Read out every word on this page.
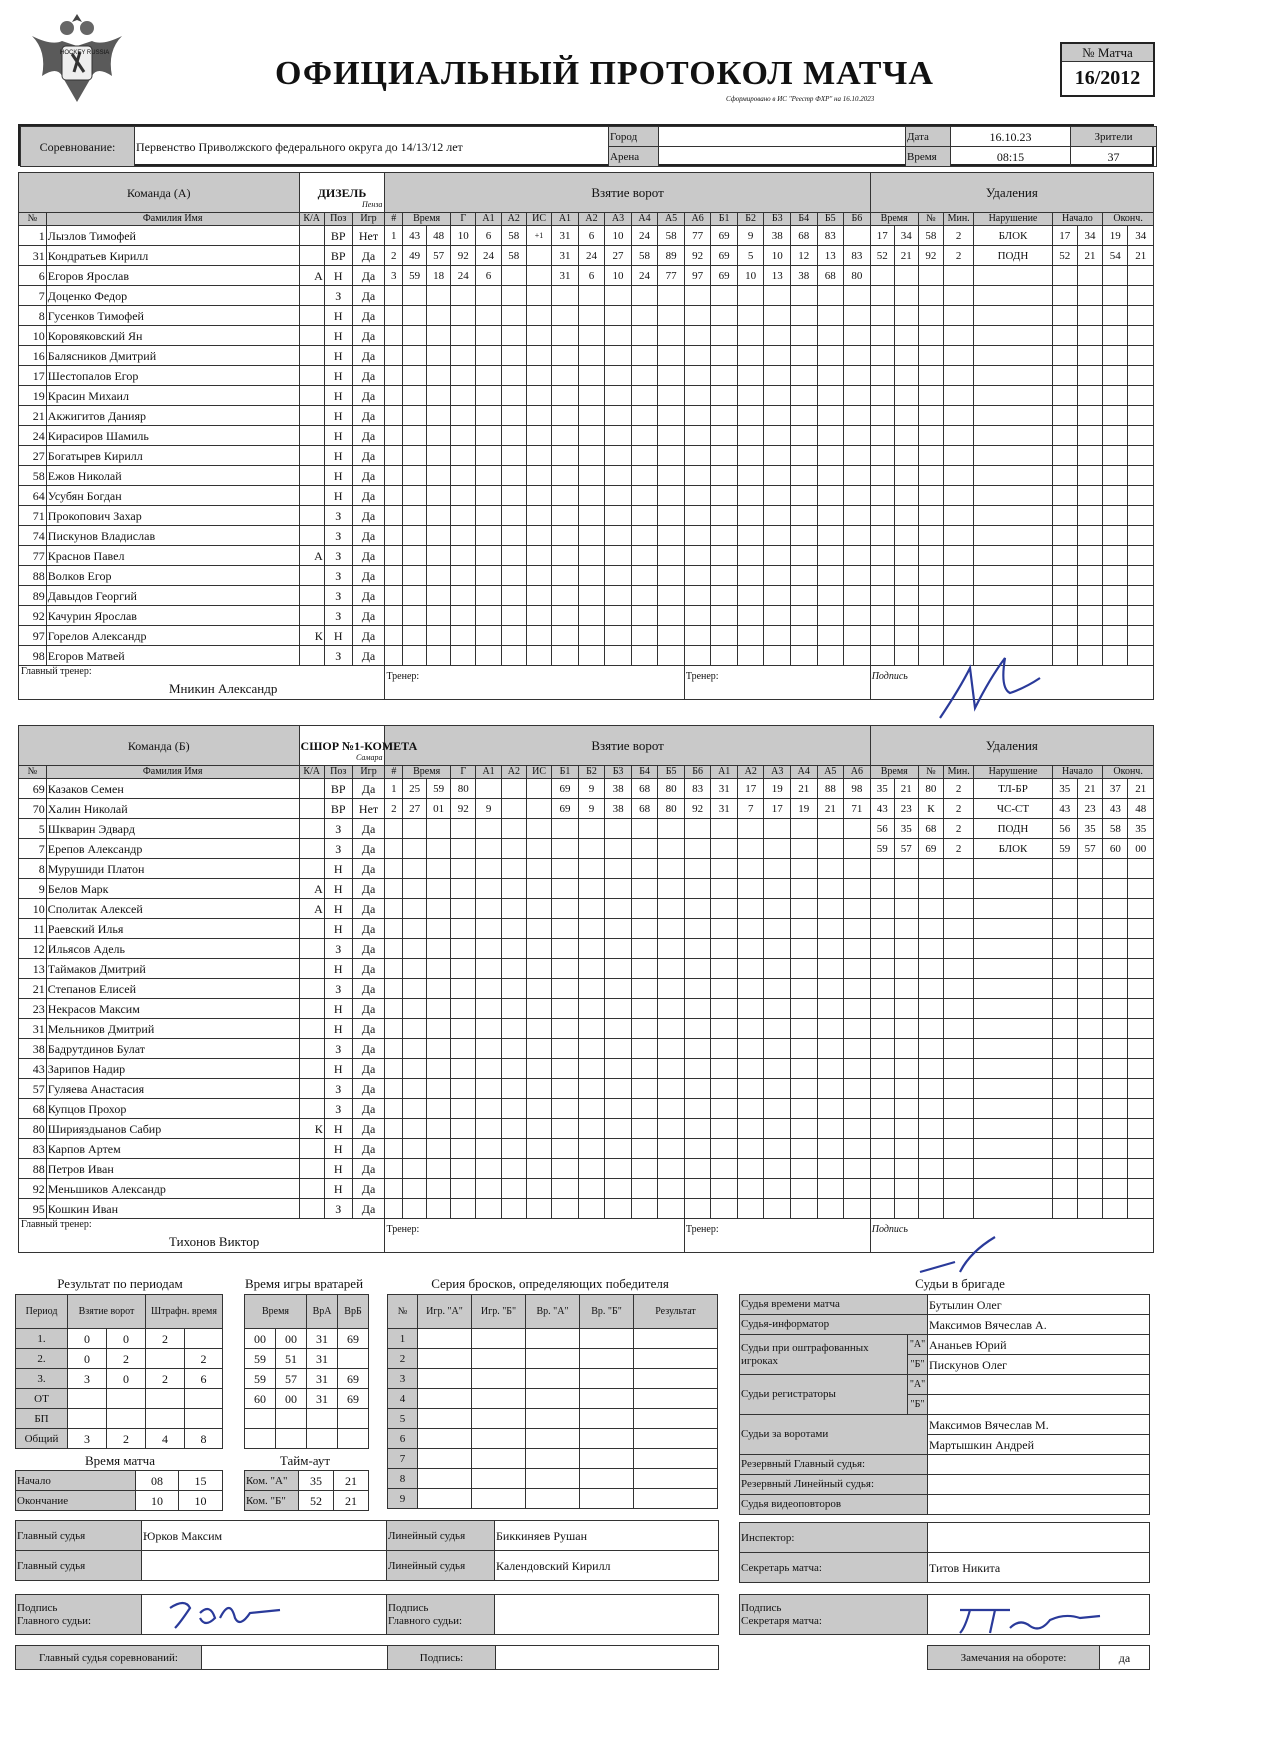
HOCKEY RUSSIA
ОФИЦИАЛЬНЫЙ ПРОТОКОЛ МАТЧА
Сформировано в ИС "Реестр ФХР" на 16.10.2023
№ Матча
16/2012
Соревнование:	Первенство Приволжского федерального округа до 14/13/12 лет	Город		Дата	16.10.23	Зрители
		Арена		Время	08:15	37
Команда (А)		ДИЗЕЛЬ
Пенза			Взятие ворот																			Удаления								
№	Фамилия Имя	К/А	Поз	Игр	#	Время		Г	А1	А2	ИС	А1	А2	А3	А4	А5	А6	Б1	Б2	Б3	Б4	Б5	Б6	Время		№	Мин.	Нарушение	Начало		Оконч.	
1	Лызлов Тимофей		ВР	Нет	1	43	48	10	6	58	+1	31	6	10	24	58	77	69	9	38	68	83		17	34	58	2	БЛОК	17	34	19	34
31	Кондратьев Кирилл		ВР	Да	2	49	57	92	24	58		31	24	27	58	89	92	69	5	10	12	13	83	52	21	92	2	ПОДН	52	21	54	21
6	Егоров Ярослав	А	Н	Да	3	59	18	24	6			31	6	10	24	77	97	69	10	13	38	68	80									
7	Доценко Федор		З	Да																												
8	Гусенков Тимофей		Н	Да																												
10	Коровяковский Ян		Н	Да																												
16	Балясников Дмитрий		Н	Да																												
17	Шестопалов Егор		Н	Да																												
19	Красин Михаил		Н	Да																												
21	Акжигитов Данияр		Н	Да																												
24	Кирасиров Шамиль		Н	Да																												
27	Богатырев Кирилл		Н	Да																												
58	Ежов Николай		Н	Да																												
64	Усубян Богдан		Н	Да																												
71	Прокопович Захар		З	Да																												
74	Пискунов Владислав		З	Да																												
77	Краснов Павел	А	З	Да																												
88	Волков Егор		З	Да																												
89	Давыдов Георгий		З	Да																												
92	Качурин Ярослав		З	Да																												
97	Горелов Александр	К	Н	Да																												
98	Егоров Матвей		З	Да																												

Главный тренер:
Мникин Александр					Тренер:												Тренер:							Подпись								
Команда (Б)		СШОР №1-КОМЕТА
Самара			Взятие ворот																			Удаления								
№	Фамилия Имя	К/А	Поз	Игр	#	Время		Г	А1	А2	ИС	Б1	Б2	Б3	Б4	Б5	Б6	А1	А2	А3	А4	А5	А6	Время		№	Мин.	Нарушение	Начало		Оконч.	
69	Казаков Семен		ВР	Да	1	25	59	80				69	9	38	68	80	83	31	17	19	21	88	98	35	21	80	2	ТЛ-БР	35	21	37	21
70	Халин Николай		ВР	Нет	2	27	01	92	9			69	9	38	68	80	92	31	7	17	19	21	71	43	23	К	2	ЧС-СТ	43	23	43	48
5	Шкварин Эдвард		З	Да																				56	35	68	2	ПОДН	56	35	58	35
7	Ерепов Александр		З	Да																				59	57	69	2	БЛОК	59	57	60	00
8	Мурушиди Платон		Н	Да																												
9	Белов Марк	А	Н	Да																												
10	Сполитак Алексей	А	Н	Да																												
11	Раевский Илья		Н	Да																												
12	Ильясов Адель		З	Да																												
13	Таймаков Дмитрий		Н	Да																												
21	Степанов Елисей		З	Да																												
23	Некрасов Максим		Н	Да																												
31	Мельников Дмитрий		Н	Да																												
38	Бадрутдинов Булат		З	Да																												
43	Зарипов Надир		Н	Да																												
57	Гуляева Анастасия		З	Да																												
68	Купцов Прохор		З	Да																												
80	Ширияздыанов Сабир	К	Н	Да																												
83	Карпов Артем		Н	Да																												
88	Петров Иван		Н	Да																												
92	Меньшиков Александр		Н	Да																												
95	Кошкин Иван		З	Да																												

Главный тренер:
Тихонов Виктор					Тренер:												Тренер:							Подпись								
Результат по периодам
Период	Взятие ворот		Штрафн. время	
1.	0	0	2	
2.	0	2		2
3.	3	0	2	6
ОТ				
БП				
Общий	3	2	4	8
Время игры вратарей
Время		ВрА	ВрБ
00	00	31	69
59	51	31	
59	57	31	69
60	00	31	69

Время матча
Начало	08	15
Окончание	10	10
Тайм-аут
Ком. "А"	35	21
Ком. "Б"	52	21
Серия бросков, определяющих победителя
№	Игр. "А"	Игр. "Б"	Вр. "А"	Вр. "Б"	Результат
1					
2					
3					
4					
5					
6					
7					
8					
9					
Судьи в бригаде
Судья времени матча		Бутылин Олег
Судья-информатор		Максимов Вячеслав А.
Судьи при оштрафованных игроках	"А"	Ананьев Юрий
	"Б"	Пискунов Олег
Судьи регистраторы	"А"	
	"Б"	
Судьи за воротами		Максимов Вячеслав М.
		Мартышкин Андрей
Резервный Главный судья:		
Резервный Линейный судья:		
Судья видеоповторов		
Главный судья	Юрков Максим	Линейный судья	Биккиняев Рушан
Главный судья		Линейный судья	Календовский Кирилл
Инспектор:	
Секретарь матча:	Титов Никита
Подпись
Главного судьи:		Подпись
Главного судьи:	
Подпись
Секретаря матча:	
Главный судья соревнований:		Подпись:		Замечания на обороте:	да
